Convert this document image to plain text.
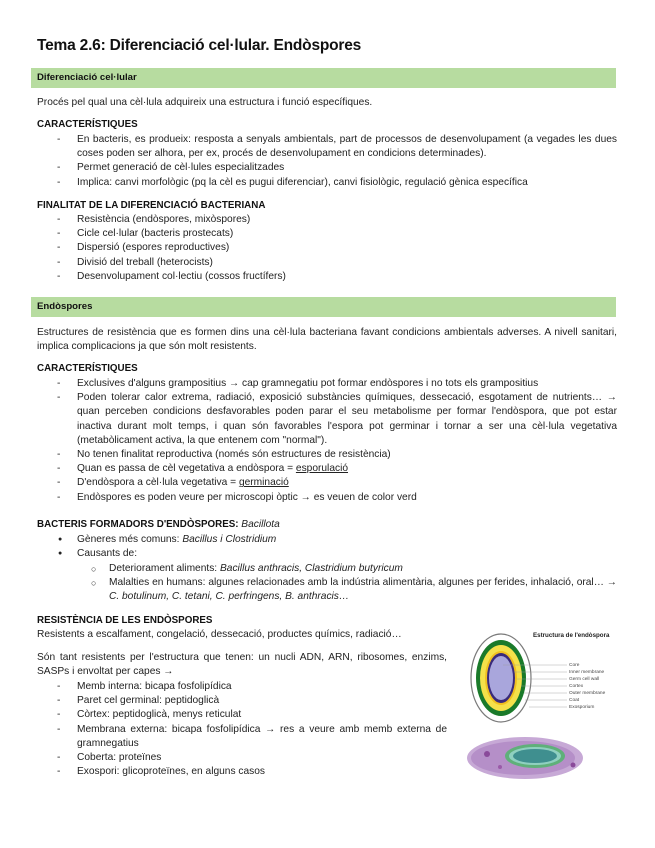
Tema 2.6: Diferenciació cel·lular. Endòspores
Diferenciació cel·lular
Procés pel qual una cèl·lula adquireix una estructura i funció específiques.
CARACTERÍSTIQUES
- En bacteris, es produeix: resposta a senyals ambientals, part de processos de desenvolupament (a vegades les dues coses poden ser alhora, per ex, procés de desenvolupament en condicions determinades).
- Permet generació de cèl·lules especialitzades
- Implica: canvi morfològic (pq la cèl es pugui diferenciar), canvi fisiològic, regulació gènica específica
FINALITAT DE LA DIFERENCIACIÓ BACTERIANA
- Resistència (endòspores, mixòspores)
- Cicle cel·lular (bacteris prostecats)
- Dispersió (espores reproductives)
- Divisió del treball (heterocists)
- Desenvolupament col·lectiu (cossos fructífers)
Endòspores
Estructures de resistència que es formen dins una cèl·lula bacteriana favant condicions ambientals adverses. A nivell sanitari, implica complicacions ja que són molt resistents.
CARACTERÍSTIQUES
- Exclusives d'alguns grampositius → cap gramnegatiu pot formar endòspores i no tots els grampositius
- Poden tolerar calor extrema, radiació, exposició substàncies químiques, dessecació, esgotament de nutrients… → quan perceben condicions desfavorables poden parar el seu metabolisme per formar l'endòspora, que pot estar inactiva durant molt temps, i quan són favorables l'espora pot germinar i tornar a ser una cèl·lula vegetativa (metabòlicament activa, la que entenem com "normal").
- No tenen finalitat reproductiva (només són estructures de resistència)
- Quan es passa de cèl vegetativa a endòspora = esporulació
- D'endòspora a cèl·lula vegetativa = germinació
- Endòspores es poden veure per microscopi òptic → es veuen de color verd
BACTERIS FORMADORS D'ENDÒSPORES: Bacillota
● Gèneres més comuns: Bacillus i Clostridium
● Causants de:
○ Deteriorament aliments: Bacillus anthracis, Clastridium butyricum
○ Malalties en humans: algunes relacionades amb la indústria alimentària, algunes per ferides, inhalació, oral… → C. botulinum, C. tetani, C. perfringens, B. anthracis…
RESISTÈNCIA DE LES ENDÒSPORES
Resistents a escalfament, congelació, dessecació, productes químics, radiació…
Són tant resistents per l'estructura que tenen: un nucli ADN, ARN, ribosomes, enzims, SASPs i envoltat per capes →
- Memb interna: bicapa fosfolipídica
- Paret cel germinal: peptidoglicà
- Còrtex: peptidoglicà, menys reticulat
- Membrana externa: bicapa fosfolipídica → res a veure amb memb externa de gramnegatius
- Coberta: proteïnes
- Exospori: glicoproteïnes, en alguns casos
Estructura de l'endòspora
Core
Inner membrane
Germ cell wall
Cortex
Outer membrane
Coat
Exosporium
